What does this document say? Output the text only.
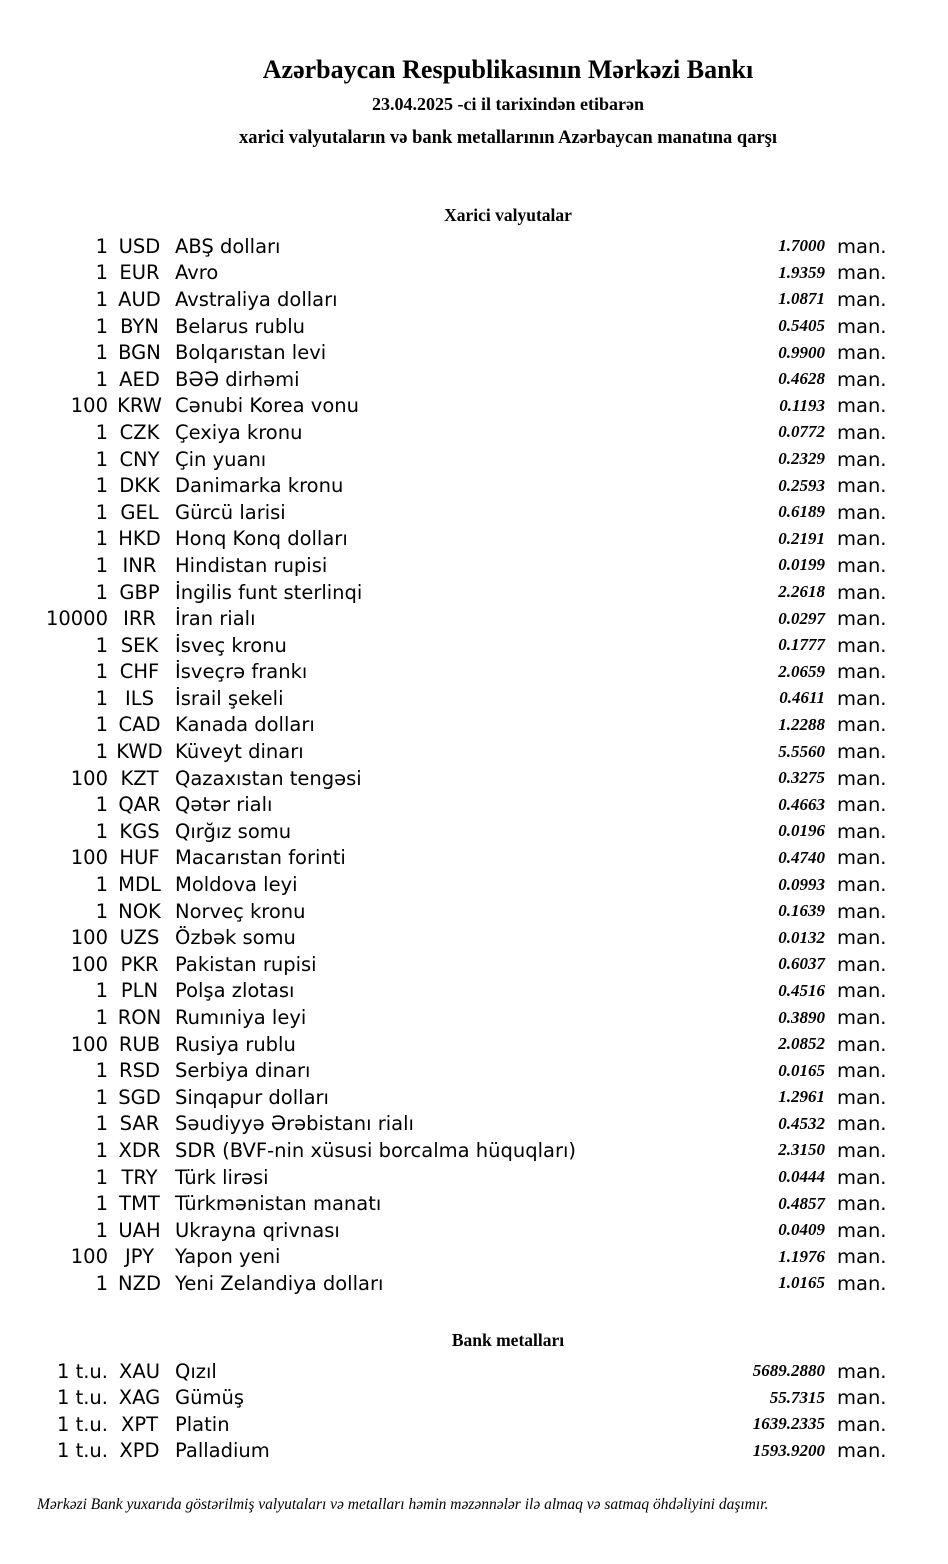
Azərbaycan Respublikasının Mərkəzi Bankı
23.04.2025 -ci il tarixindən etibarən
xarici valyutaların və bank metallarının Azərbaycan manatına qarşı
Xarici valyutalar
1 USD ABŞ dolları	1.7000 man.
1 EUR Avro	1.9359 man.
1 AUD Avstraliya dolları	1.0871 man.
1 BYN Belarus rublu	0.5405 man.
1 BGN Bolqarıstan levi	0.9900 man.
1 AED BƏƏ dirhəmi	0.4628 man.
100 KRW Cənubi Korea vonu	0.1193 man.
1 CZK Çexiya kronu	0.0772 man.
1 CNY Çin yuanı	0.2329 man.
1 DKK Danimarka kronu	0.2593 man.
1 GEL Gürcü larisi	0.6189 man.
1 HKD Honq Konq dolları	0.2191 man.
1 INR Hindistan rupisi	0.0199 man.
1 GBP İngilis funt sterlinqi	2.2618 man.
10000 IRR İran rialı	0.0297 man.
1 SEK İsveç kronu	0.1777 man.
1 CHF İsveçrə frankı	2.0659 man.
1 ILS	İsrail şekeli	0.4611 man.
1 CAD Kanada dolları	1.2288 man.
1 KWD Küveyt dinarı	5.5560 man.
100 KZT Qazaxıstan tengəsi	0.3275 man.
1 QAR Qətər rialı	0.4663 man.
1 KGS Qırğız somu	0.0196 man.
100 HUF Macarıstan forinti	0.4740 man.
1 MDL Moldova leyi	0.0993 man.
1 NOK Norveç kronu	0.1639 man.
100 UZS Özbək somu	0.0132 man.
100 PKR Pakistan rupisi	0.6037 man.
1 PLN Polşa zlotası	0.4516 man.
1 RON Rumıniya leyi	0.3890 man.
100 RUB Rusiya rublu	2.0852 man.
1 RSD Serbiya dinarı	0.0165 man.
1 SGD Sinqapur dolları	1.2961 man.
1 SAR Səudiyyə Ərəbistanı rialı	0.4532 man.
1 XDR SDR (BVF-nin xüsusi borcalma hüquqları)	2.3150 man.
1 TRY Türk lirəsi	0.0444 man.
1 TMT Türkmənistan manatı	0.4857 man.
1 UAH Ukrayna qrivnası	0.0409 man.
100 JPY	Yapon yeni	1.1976 man.
1 NZD Yeni Zelandiya dolları	1.0165 man.
Bank metalları
1 t.u. XAU Qızıl	5689.2880 man.
1 t.u. XAG Gümüş	55.7315 man.
1 t.u. XPT Platin	1639.2335 man.
1 t.u. XPD Palladium	1593.9200 man.
Mərkəzi Bank yuxarıda göstərilmiş valyutaları və metalları həmin məzənnələr ilə almaq və satmaq öhdəliyini daşımır.
